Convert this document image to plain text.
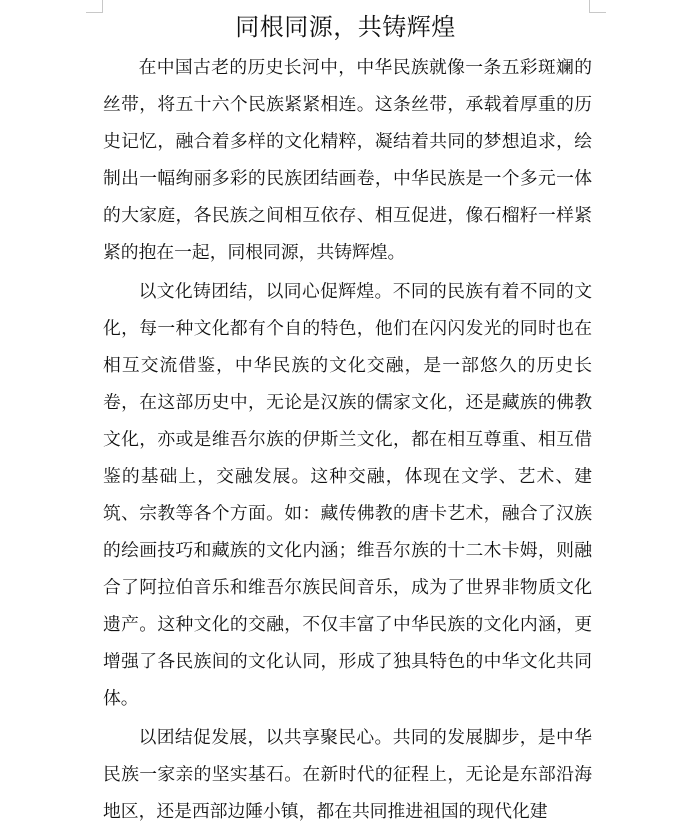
同根同源，共铸辉煌

在中国古老的历史长河中，中华民族就像一条五彩斑斓的丝带，将五十六个民族紧紧相连。这条丝带，承载着厚重的历史记忆，融合着多样的文化精粹，凝结着共同的梦想追求，绘制出一幅绚丽多彩的民族团结画卷，中华民族是一个多元一体的大家庭，各民族之间相互依存、相互促进，像石榴籽一样紧紧的抱在一起，同根同源，共铸辉煌。

以文化铸团结，以同心促辉煌。不同的民族有着不同的文化，每一种文化都有个自的特色，他们在闪闪发光的同时也在相互交流借鉴，中华民族的文化交融，是一部悠久的历史长卷，在这部历史中，无论是汉族的儒家文化，还是藏族的佛教文化，亦或是维吾尔族的伊斯兰文化，都在相互尊重、相互借鉴的基础上，交融发展。这种交融，体现在文学、艺术、建筑、宗教等各个方面。如：藏传佛教的唐卡艺术，融合了汉族的绘画技巧和藏族的文化内涵；维吾尔族的十二木卡姆，则融合了阿拉伯音乐和维吾尔族民间音乐，成为了世界非物质文化遗产。这种文化的交融，不仅丰富了中华民族的文化内涵，更增强了各民族间的文化认同，形成了独具特色的中华文化共同体。

以团结促发展，以共享聚民心。共同的发展脚步，是中华民族一家亲的坚实基石。在新时代的征程上，无论是东部沿海地区，还是西部边陲小镇，都在共同推进祖国的现代化建
